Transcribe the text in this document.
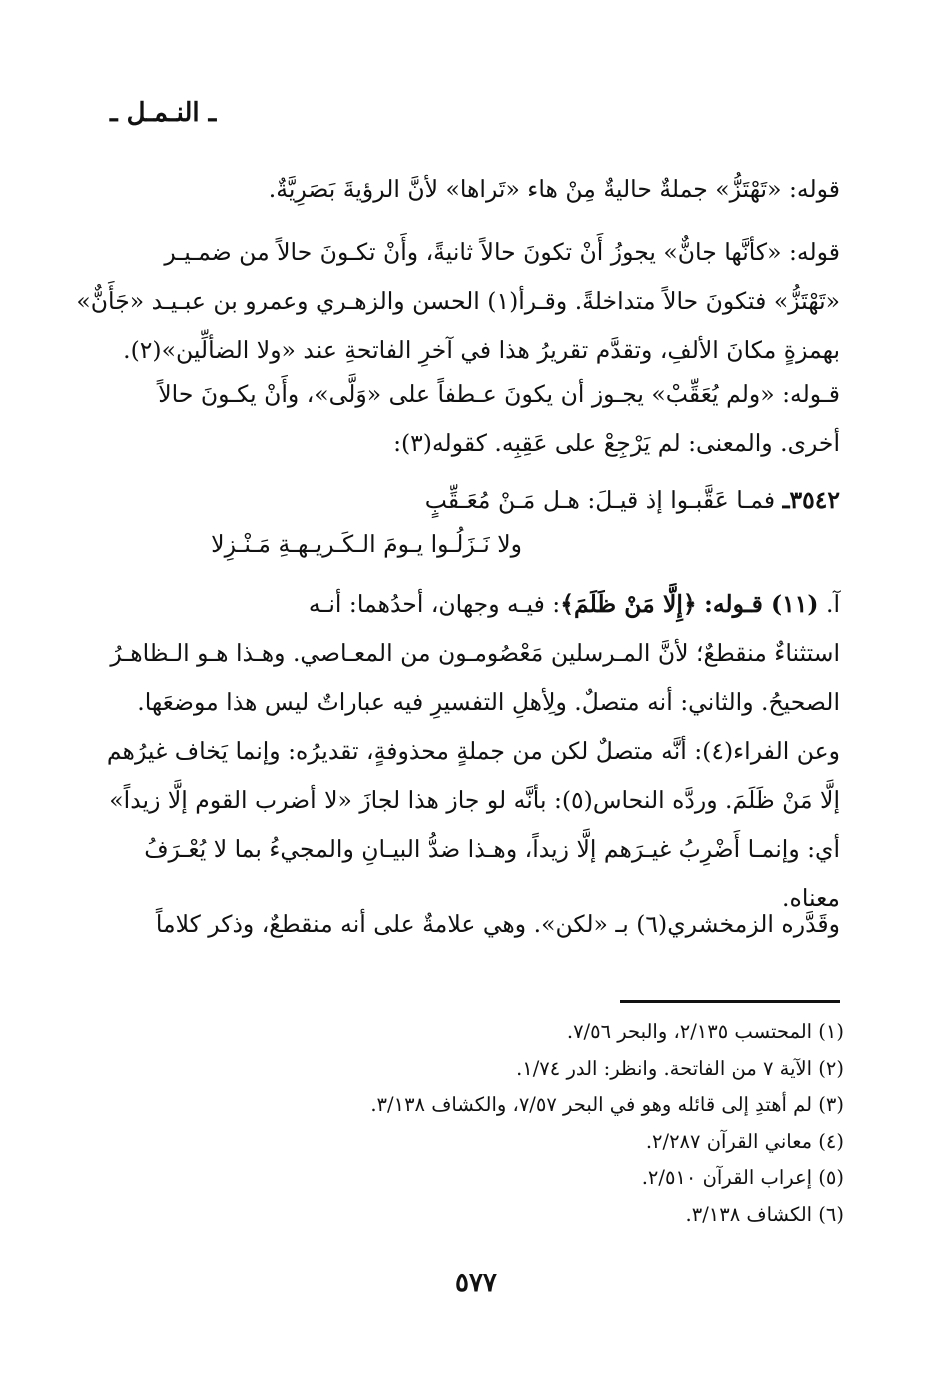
ـ النـمـل ـ
قوله: «تَهْتَزُّ» جملةٌ حاليةٌ مِنْ هاء «تَراها» لأنَّ الرؤيةَ بَصَرِيَّةٌ.
قوله: «كأنَّها جانٌّ» يجوزُ أَنْ تكونَ حالاً ثانيةً، وأَنْ تكـونَ حالاً من ضمـيـر
«تَهْتَزُّ» فتكونَ حالاً متداخلةً. وقـرأ(١) الحسن والزهـري وعمرو بن عبـيـد «جَأَنٌّ»
بهمزةٍ مكانَ الألفِ، وتقدَّم تقريرُ هذا في آخرِ الفاتحةِ عند «ولا الضألِّين»(٢).
قـوله: «ولم يُعَقِّبْ» يجـوز أن يكونَ عـطفاً على «وَلَّى»، وأَنْ يكـونَ حالاً
أخرى. والمعنى: لم يَرْجِعْ على عَقِبِه. كقوله(٣):
٣٥٤٢ـ فمـا عَقَّبـوا إذ قيـلَ: هـل مَـنْ مُعَـقِّبٍ
ولا نَـزَلُـوا يـومَ الـكَـريـهـةِ مَـنْـزِلا
آ. (١١) قـوله: ﴿إِلَّا مَنْ ظَلَمَ﴾: فيـه وجهان، أحدُهما: أنـه
استثناءٌ منقطعٌ؛ لأنَّ المـرسلين مَعْصُومـون من المعـاصي. وهـذا هـو الـظاهـرُ
الصحيحُ. والثاني: أنه متصلٌ. ولِأهلِ التفسيرِ فيه عباراتٌ ليس هذا موضعَها.
وعن الفراء(٤): أنَّه متصلٌ لكن من جملةٍ محذوفةٍ، تقديرُه: وإنما يَخاف غيرُهم
إلَّا مَنْ ظَلَمَ. وردَّه النحاس(٥): بأنَّه لو جاز هذا لجازَ «لا أضرب القوم إلَّا زيداً»
أي: وإنمـا أَضْرِبُ غيـرَهم إلَّا زيداً، وهـذا ضدُّ البيـانِ والمجيءُ بما لا يُعْـرَفُ
معناه.
وقَدَّره الزمخشري(٦) بـ «لكن». وهي علامةٌ على أنه منقطعٌ، وذكر كلاماً
(١) المحتسب ٢/١٣٥، والبحر ٧/٥٦.
(٢) الآية ٧ من الفاتحة. وانظر: الدر ١/٧٤.
(٣) لم أهتدِ إلى قائله وهو في البحر ٧/٥٧، والكشاف ٣/١٣٨.
(٤) معاني القرآن ٢/٢٨٧.
(٥) إعراب القرآن ٢/٥١٠.
(٦) الكشاف ٣/١٣٨.
٥٧٧
